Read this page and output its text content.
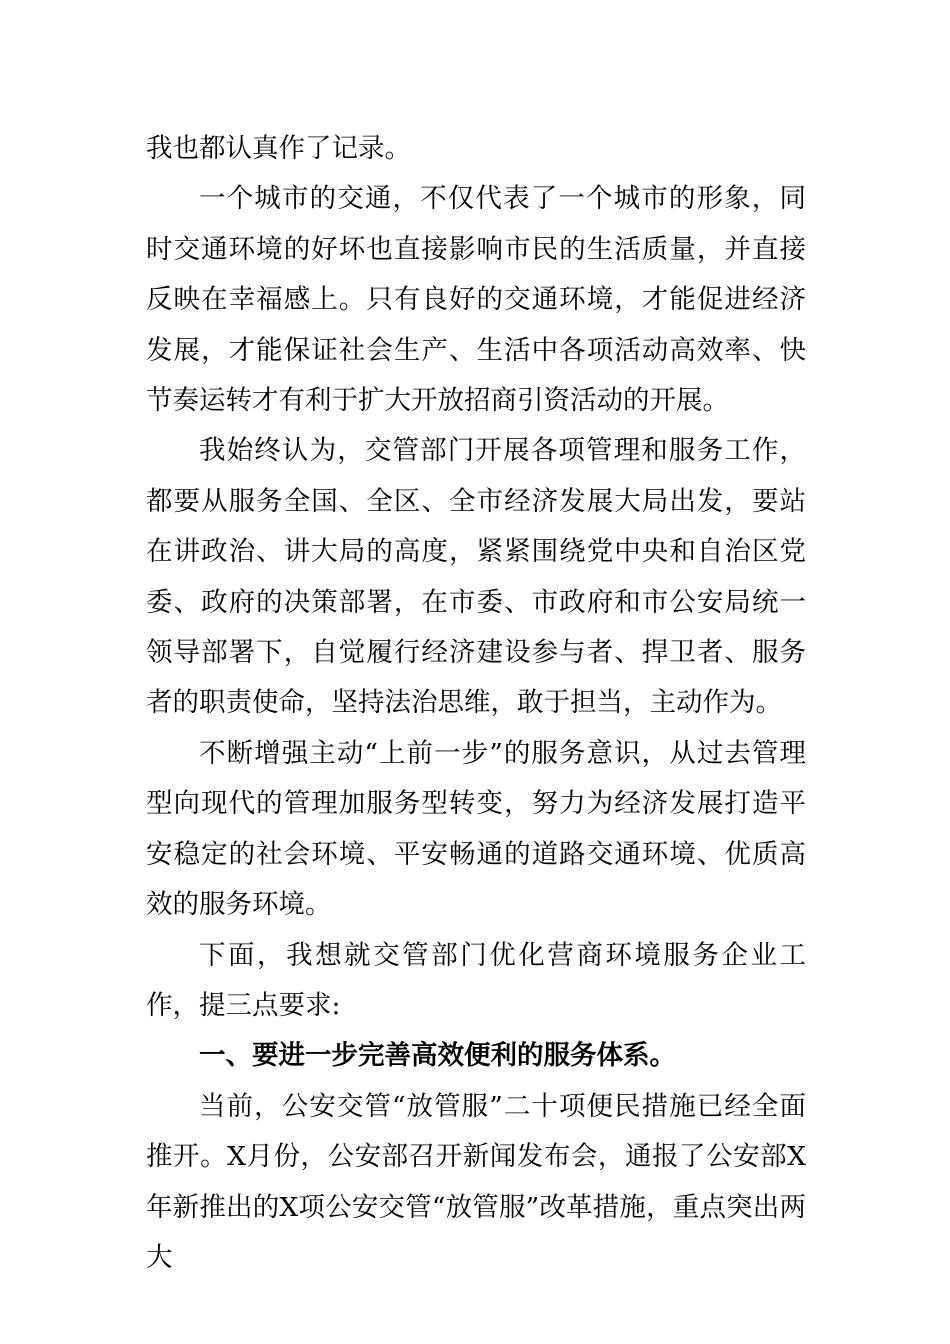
我也都认真作了记录。

一个城市的交通，不仅代表了一个城市的形象，同时交通环境的好坏也直接影响市民的生活质量，并直接反映在幸福感上。只有良好的交通环境，才能促进经济发展，才能保证社会生产、生活中各项活动高效率、快节奏运转才有利于扩大开放招商引资活动的开展。

我始终认为，交管部门开展各项管理和服务工作，都要从服务全国、全区、全市经济发展大局出发，要站在讲政治、讲大局的高度，紧紧围绕党中央和自治区党委、政府的决策部署，在市委、市政府和市公安局统一领导部署下，自觉履行经济建设参与者、捍卫者、服务者的职责使命，坚持法治思维，敢于担当，主动作为。

不断增强主动“上前一步”的服务意识，从过去管理型向现代的管理加服务型转变，努力为经济发展打造平安稳定的社会环境、平安畅通的道路交通环境、优质高效的服务环境。

下面，我想就交管部门优化营商环境服务企业工作，提三点要求:

一、要进一步完善高效便利的服务体系。

当前，公安交管“放管服”二十项便民措施已经全面推开。X月份，公安部召开新闻发布会，通报了公安部X年新推出的X项公安交管“放管服”改革措施，重点突出两大
